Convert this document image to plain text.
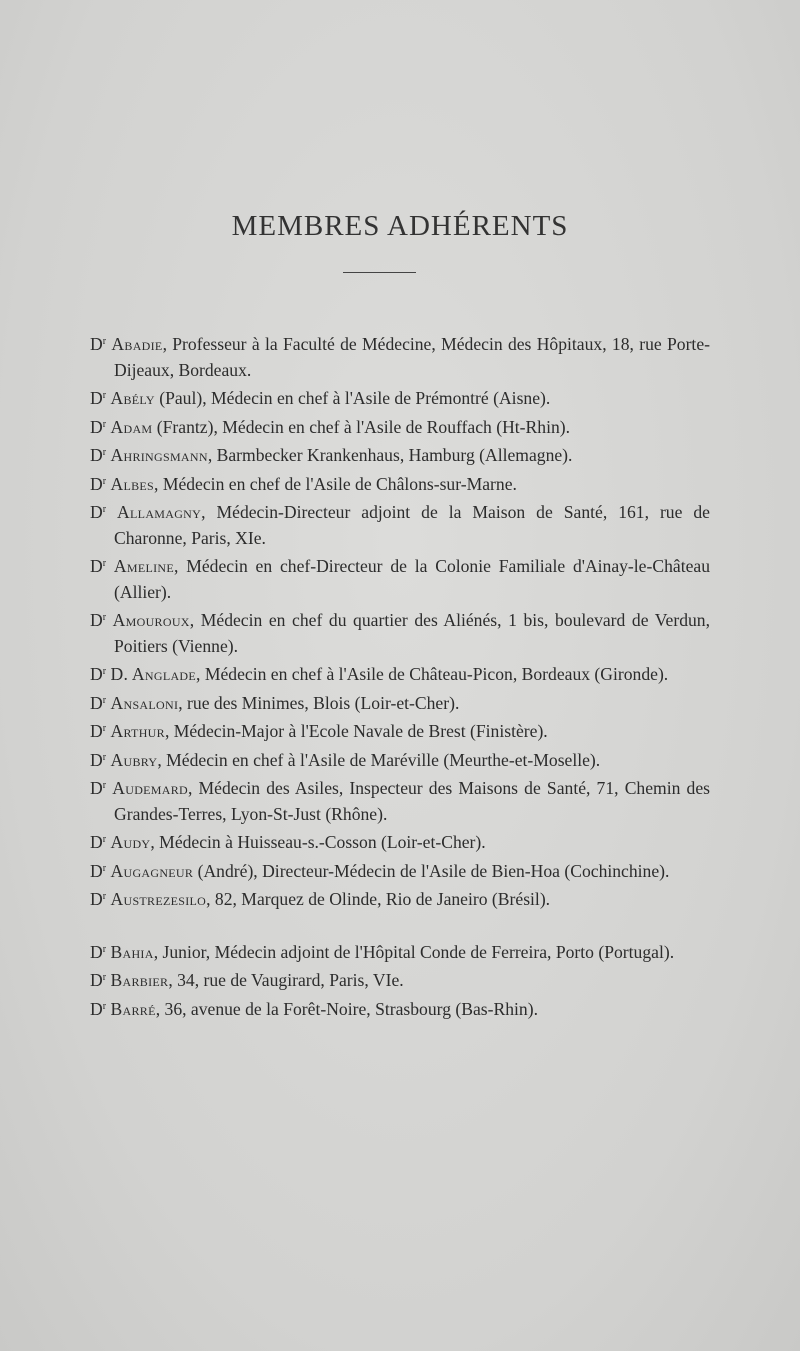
MEMBRES ADHÉRENTS

$D^r$ Abadie, Professeur à la Faculté de Médecine, Médecin des Hôpitaux, 18, rue Porte-Dijeaux, Bordeaux.

$D^r$ Abély (Paul), Médecin en chef à l'Asile de Prémontré (Aisne).

$D^r$ Adam (Frantz), Médecin en chef à l'Asile de Rouffach (Ht-Rhin).

$D^r$ Ahringsmann, Barmbecker Krankenhaus, Hamburg (Allemagne).

$D^r$ Albes, Médecin en chef de l'Asile de Châlons-sur-Marne.

$D^r$ Allamagny, Médecin-Directeur adjoint de la Maison de Santé, 161, rue de Charonne, Paris, XIe.

$D^r$ Ameline, Médecin en chef-Directeur de la Colonie Familiale d'Ainay-le-Château (Allier).

$D^r$ Amouroux, Médecin en chef du quartier des Aliénés, 1 bis, boulevard de Verdun, Poitiers (Vienne).

$D^r$ D. Anglade, Médecin en chef à l'Asile de Château-Picon, Bordeaux (Gironde).

$D^r$ Ansaloni, rue des Minimes, Blois (Loir-et-Cher).

$D^r$ Arthur, Médecin-Major à l'Ecole Navale de Brest (Finistère).

$D^r$ Aubry, Médecin en chef à l'Asile de Maréville (Meurthe-et-Moselle).

$D^r$ Audemard, Médecin des Asiles, Inspecteur des Maisons de Santé, 71, Chemin des Grandes-Terres, Lyon-St-Just (Rhône).

$D^r$ Audy, Médecin à Huisseau-s.-Cosson (Loir-et-Cher).

$D^r$ Augagneur (André), Directeur-Médecin de l'Asile de Bien-Hoa (Cochinchine).

$D^r$ Austrezesilo, 82, Marquez de Olinde, Rio de Janeiro (Brésil).

$D^r$ Bahia, Junior, Médecin adjoint de l'Hôpital Conde de Ferreira, Porto (Portugal).

$D^r$ Barbier, 34, rue de Vaugirard, Paris, VIe.

$D^r$ Barré, 36, avenue de la Forêt-Noire, Strasbourg (Bas-Rhin).
